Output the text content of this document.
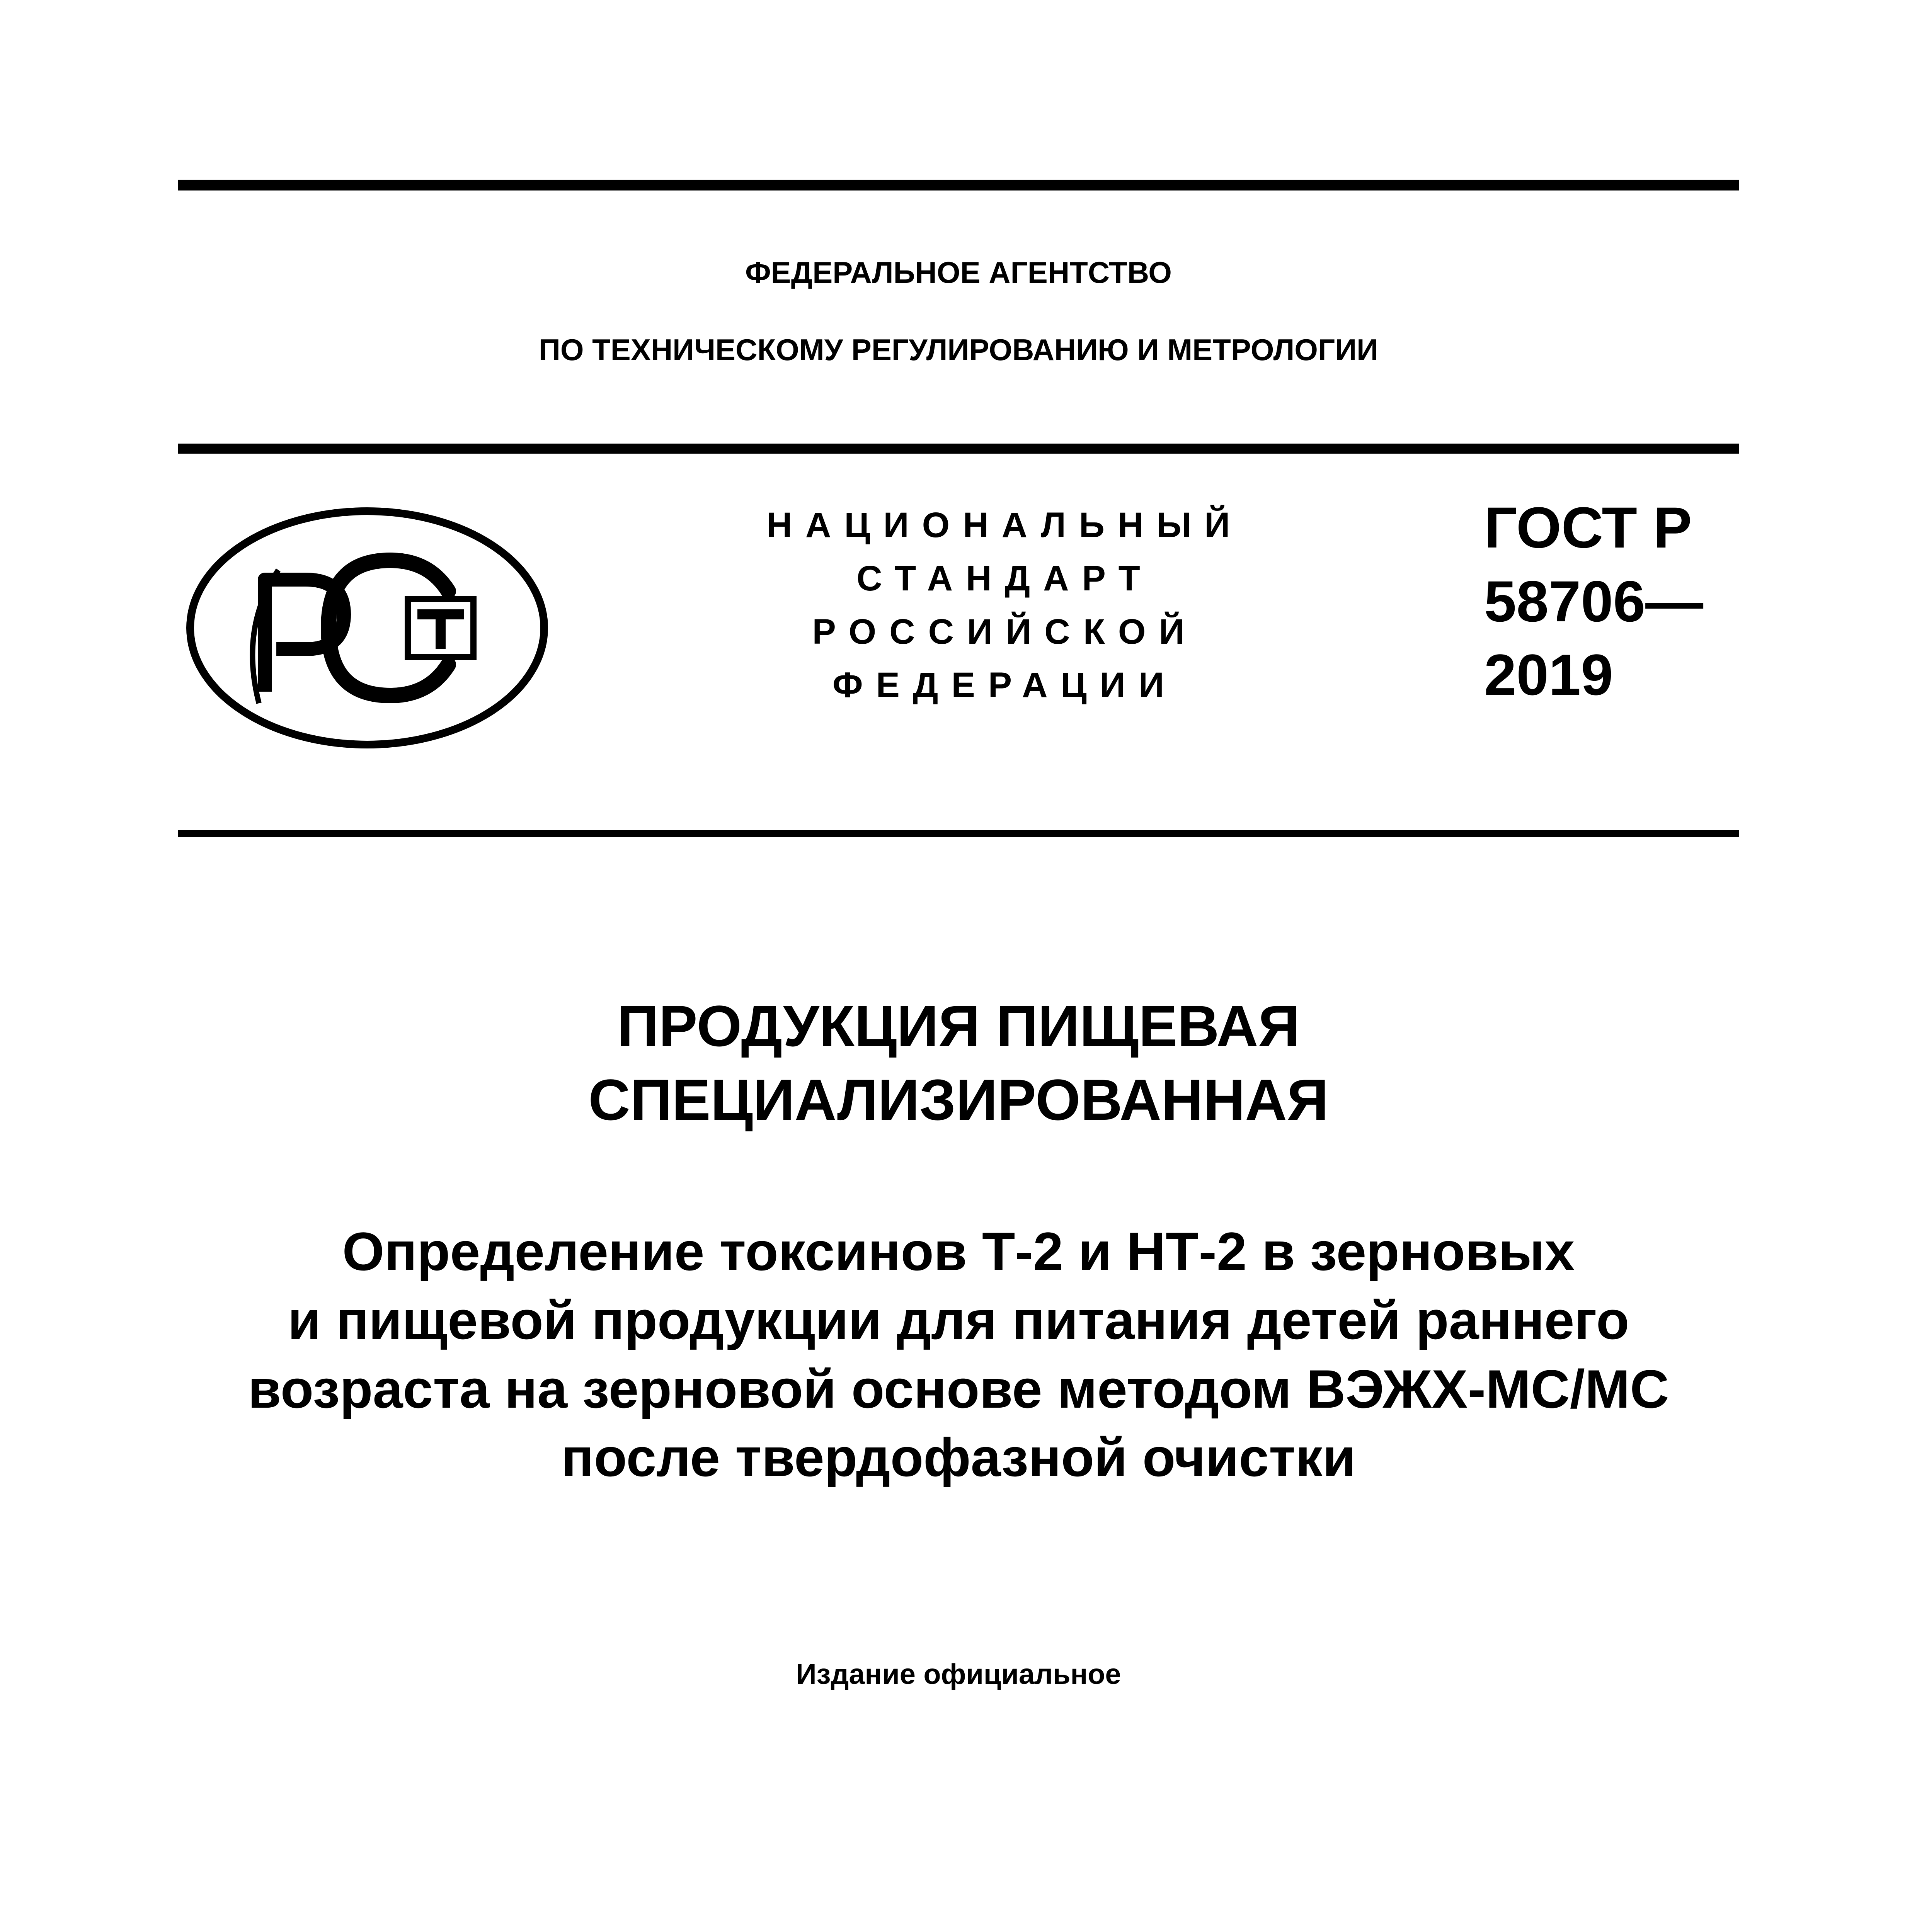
ФЕДЕРАЛЬНОЕ АГЕНТСТВО
ПО ТЕХНИЧЕСКОМУ РЕГУЛИРОВАНИЮ И МЕТРОЛОГИИ
НАЦИОНАЛЬНЫЙ
СТАНДАРТ
РОССИЙСКОЙ
ФЕДЕРАЦИИ
ГОСТ Р
58706—
2019
ПРОДУКЦИЯ ПИЩЕВАЯ
СПЕЦИАЛИЗИРОВАННАЯ
Определение токсинов Т-2 и НТ-2 в зерновых
и пищевой продукции для питания детей раннего
возраста на зерновой основе методом ВЭЖХ-МС/МС
после твердофазной очистки
Издание официальное
